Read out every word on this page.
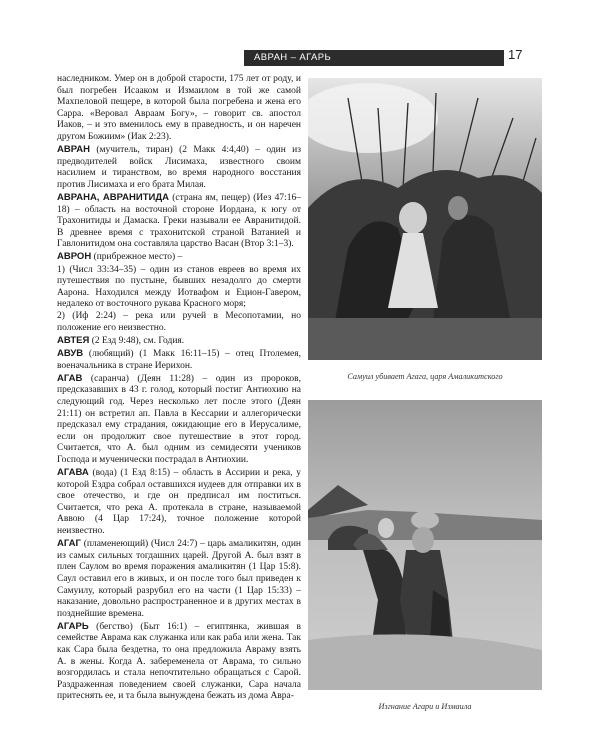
АВРАН – АГАРЬ	17

наследником. Умер он в доброй старости, 175 лет от роду, и был погребен Исааком и Измаилом в той же самой Махпеловой пещере, в которой была погребена и жена его Сарра. «Веровал Авраам Богу», – говорит св. апостол Иаков, – и это вменилось ему в праведность, и он наречен другом Божиим» (Иак 2:23).

АВРАН (мучитель, тиран) (2 Макк 4:4,40) – один из предводителей войск Лисимаха, известного своим насилием и тиранством, во время народного восстания против Лисимаха и его брата Милая.

АВРАНА, АВРАНИТИДА (страна ям, пещер) (Иез 47:16–18) – область на восточной стороне Иордана, к югу от Трахонитиды и Дамаска. Греки называли ее Авранитидой. В древнее время с трахонитской страной Ватанией и Гавлонитидом она составляла царство Васан (Втор 3:1–3).

АВРОН (прибрежное место) –

1) (Числ 33:34–35) – один из станов евреев во время их путешествия по пустыне, бывших незадолго до смерти Аарона. Находился между Иотвафом и Ецион-Гавером, недалеко от восточного рукава Красного моря;

2) (Иф 2:24) – река или ручей в Месопотамии, но положение его неизвестно.

АВТЕЯ (2 Езд 9:48), см. Годия.

АВУВ (любящий) (1 Макк 16:11–15) – отец Птолемея, военачальника в стране Иерихон.

АГАВ (саранча) (Деян 11:28) – один из пророков, предсказавших в 43 г. голод, который постиг Антиохию на следующий год. Через несколько лет после этого (Деян 21:11) он встретил ап. Павла в Кессарии и аллегорически предсказал ему страдания, ожидающие его в Иерусалиме, если он продолжит свое путешествие в этот город. Считается, что А. был одним из семидесяти учеников Господа и мученически пострадал в Антиохии.

АГАВА (вода) (1 Езд 8:15) – область в Ассирии и река, у которой Ездра собрал оставшихся иудеев для отправки их в свое отечество, и где он предписал им поститься. Считается, что река А. протекала в стране, называемой Аввою (4 Цар 17:24), точное положение которой неизвестно.

АГАГ (пламенеющий) (Числ 24:7) – царь амаликитян, один из самых сильных тогдашних царей. Другой А. был взят в плен Саулом во время поражения амаликитян (1 Цар 15:8). Саул оставил его в живых, и он после того был приведен к Самуилу, который разрубил его на части (1 Цар 15:33) – наказание, довольно распространенное и в других местах в позднейшие времена.

АГАРЬ (бегство) (Быт 16:1) – египтянка, жившая в семействе Аврама как служанка или как раба или жена. Так как Сара была бездетна, то она предложила Авраму взять А. в жены. Когда А. забеременела от Аврама, то сильно возгордилась и стала непочтительно обращаться с Сарой. Раздраженная поведением своей служанки, Сара начала притеснять ее, и та была вынуждена бежать из дома Авра-

Самуил убивает Агага, царя Амаликитского
Изгнание Агари и Измаила
